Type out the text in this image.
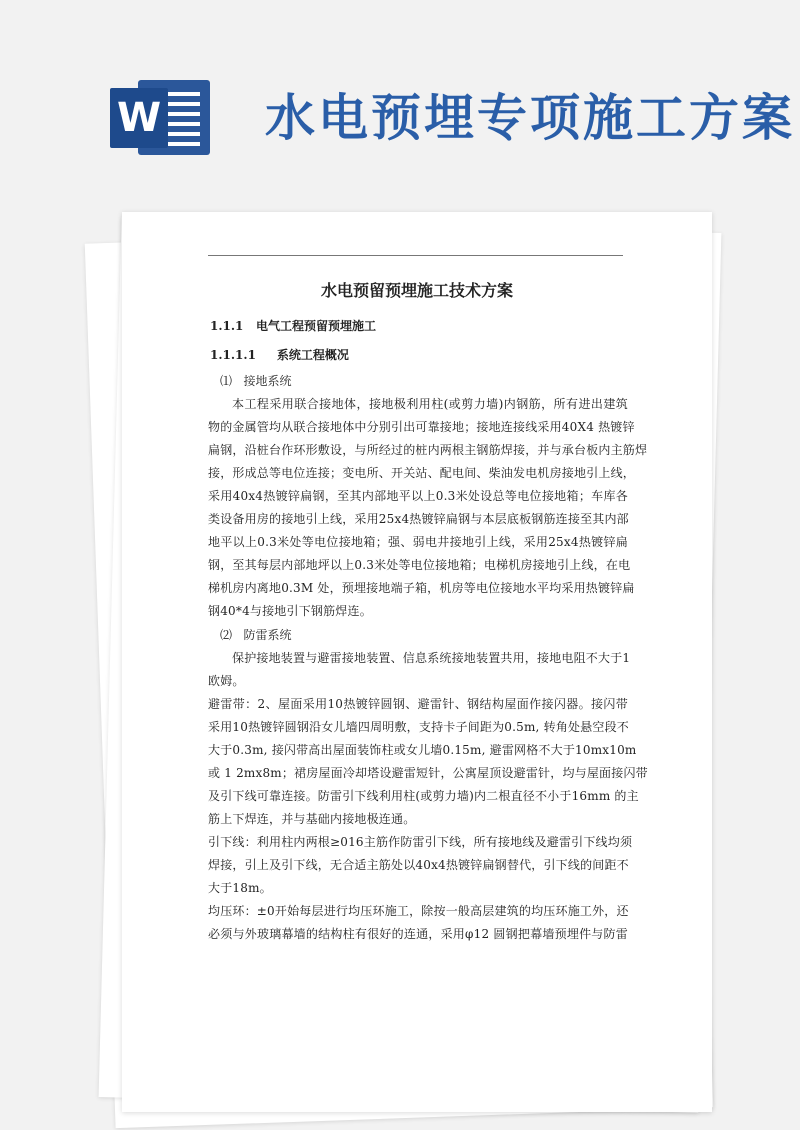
W 水电预埋专项施工方案
水电预留预埋施工技术方案
1.1.1   电气工程预留预埋施工
1.1.1.1     系统工程概况
⑴   接地系统
本工程采用联合接地体，接地极利用柱(或剪力墙)内钢筋，所有进出建筑
物的金属管均从联合接地体中分别引出可靠接地；接地连接线采用40X4 热镀锌
扁钢，沿桩台作环形敷设，与所经过的桩内两根主钢筋焊接，并与承台板内主筋焊
接，形成总等电位连接；变电所、开关站、配电间、柴油发电机房接地引上线，
采用40x4热镀锌扁钢，至其内部地平以上0.3米处设总等电位接地箱；车库各
类设备用房的接地引上线，采用25x4热镀锌扁钢与本层底板钢筋连接至其内部
地平以上0.3米处等电位接地箱；强、弱电井接地引上线，采用25x4热镀锌扁
钢，至其每层内部地坪以上0.3米处等电位接地箱；电梯机房接地引上线，在电
梯机房内离地0.3M 处，预埋接地端子箱，机房等电位接地水平均采用热镀锌扁
钢40*4与接地引下钢筋焊连。
⑵   防雷系统
保护接地装置与避雷接地装置、信息系统接地装置共用，接地电阻不大于1
欧姆。
避雷带：2、屋面采用10热镀锌圆钢、避雷针、钢结构屋面作接闪器。接闪带
采用10热镀锌圆钢沿女儿墙四周明敷，支持卡子间距为0.5m, 转角处悬空段不
大于0.3m, 接闪带高出屋面装饰柱或女儿墙0.15m, 避雷网格不大于10mx10m
或 1 2mx8m；裙房屋面冷却塔设避雷短针，公寓屋顶设避雷针，均与屋面接闪带
及引下线可靠连接。防雷引下线利用柱(或剪力墙)内二根直径不小于16mm 的主
筋上下焊连，并与基础内接地极连通。
引下线：利用柱内两根≥016主筋作防雷引下线，所有接地线及避雷引下线均须
焊接，引上及引下线，无合适主筋处以40x4热镀锌扁钢替代，引下线的间距不
大于18m。
均压环：±0开始每层进行均压环施工，除按一般高层建筑的均压环施工外，还
必须与外玻璃幕墙的结构柱有很好的连通，采用φ12 圆钢把幕墙预埋件与防雷
